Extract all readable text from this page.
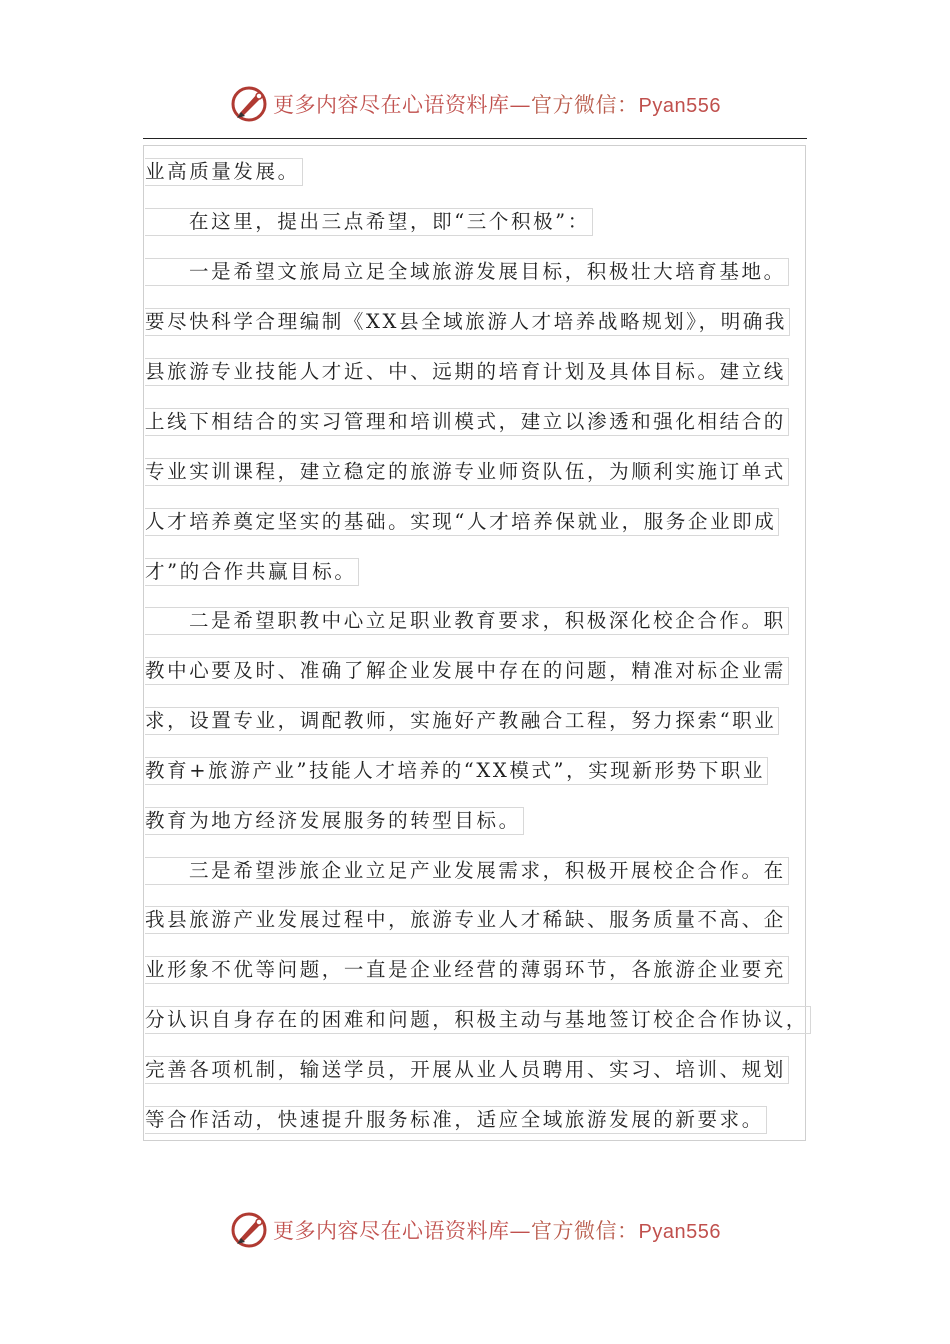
更多内容尽在心语资料库—官方微信：Pyan556
业高质量发展。
在这里，提出三点希望，即“三个积极”：
一是希望文旅局立足全域旅游发展目标，积极壮大培育基地。
要尽快科学合理编制《XX县全域旅游人才培养战略规划》，明确我
县旅游专业技能人才近、中、远期的培育计划及具体目标。建立线
上线下相结合的实习管理和培训模式，建立以渗透和强化相结合的
专业实训课程，建立稳定的旅游专业师资队伍，为顺利实施订单式
人才培养奠定坚实的基础。实现“人才培养保就业，服务企业即成
才”的合作共赢目标。
二是希望职教中心立足职业教育要求，积极深化校企合作。职
教中心要及时、准确了解企业发展中存在的问题，精准对标企业需
求，设置专业，调配教师，实施好产教融合工程，努力探索“职业
教育+旅游产业”技能人才培养的“XX模式”，实现新形势下职业
教育为地方经济发展服务的转型目标。
三是希望涉旅企业立足产业发展需求，积极开展校企合作。在
我县旅游产业发展过程中，旅游专业人才稀缺、服务质量不高、企
业形象不优等问题，一直是企业经营的薄弱环节，各旅游企业要充
分认识自身存在的困难和问题，积极主动与基地签订校企合作协议，
完善各项机制，输送学员，开展从业人员聘用、实习、培训、规划
等合作活动，快速提升服务标准，适应全域旅游发展的新要求。
更多内容尽在心语资料库—官方微信：Pyan556
